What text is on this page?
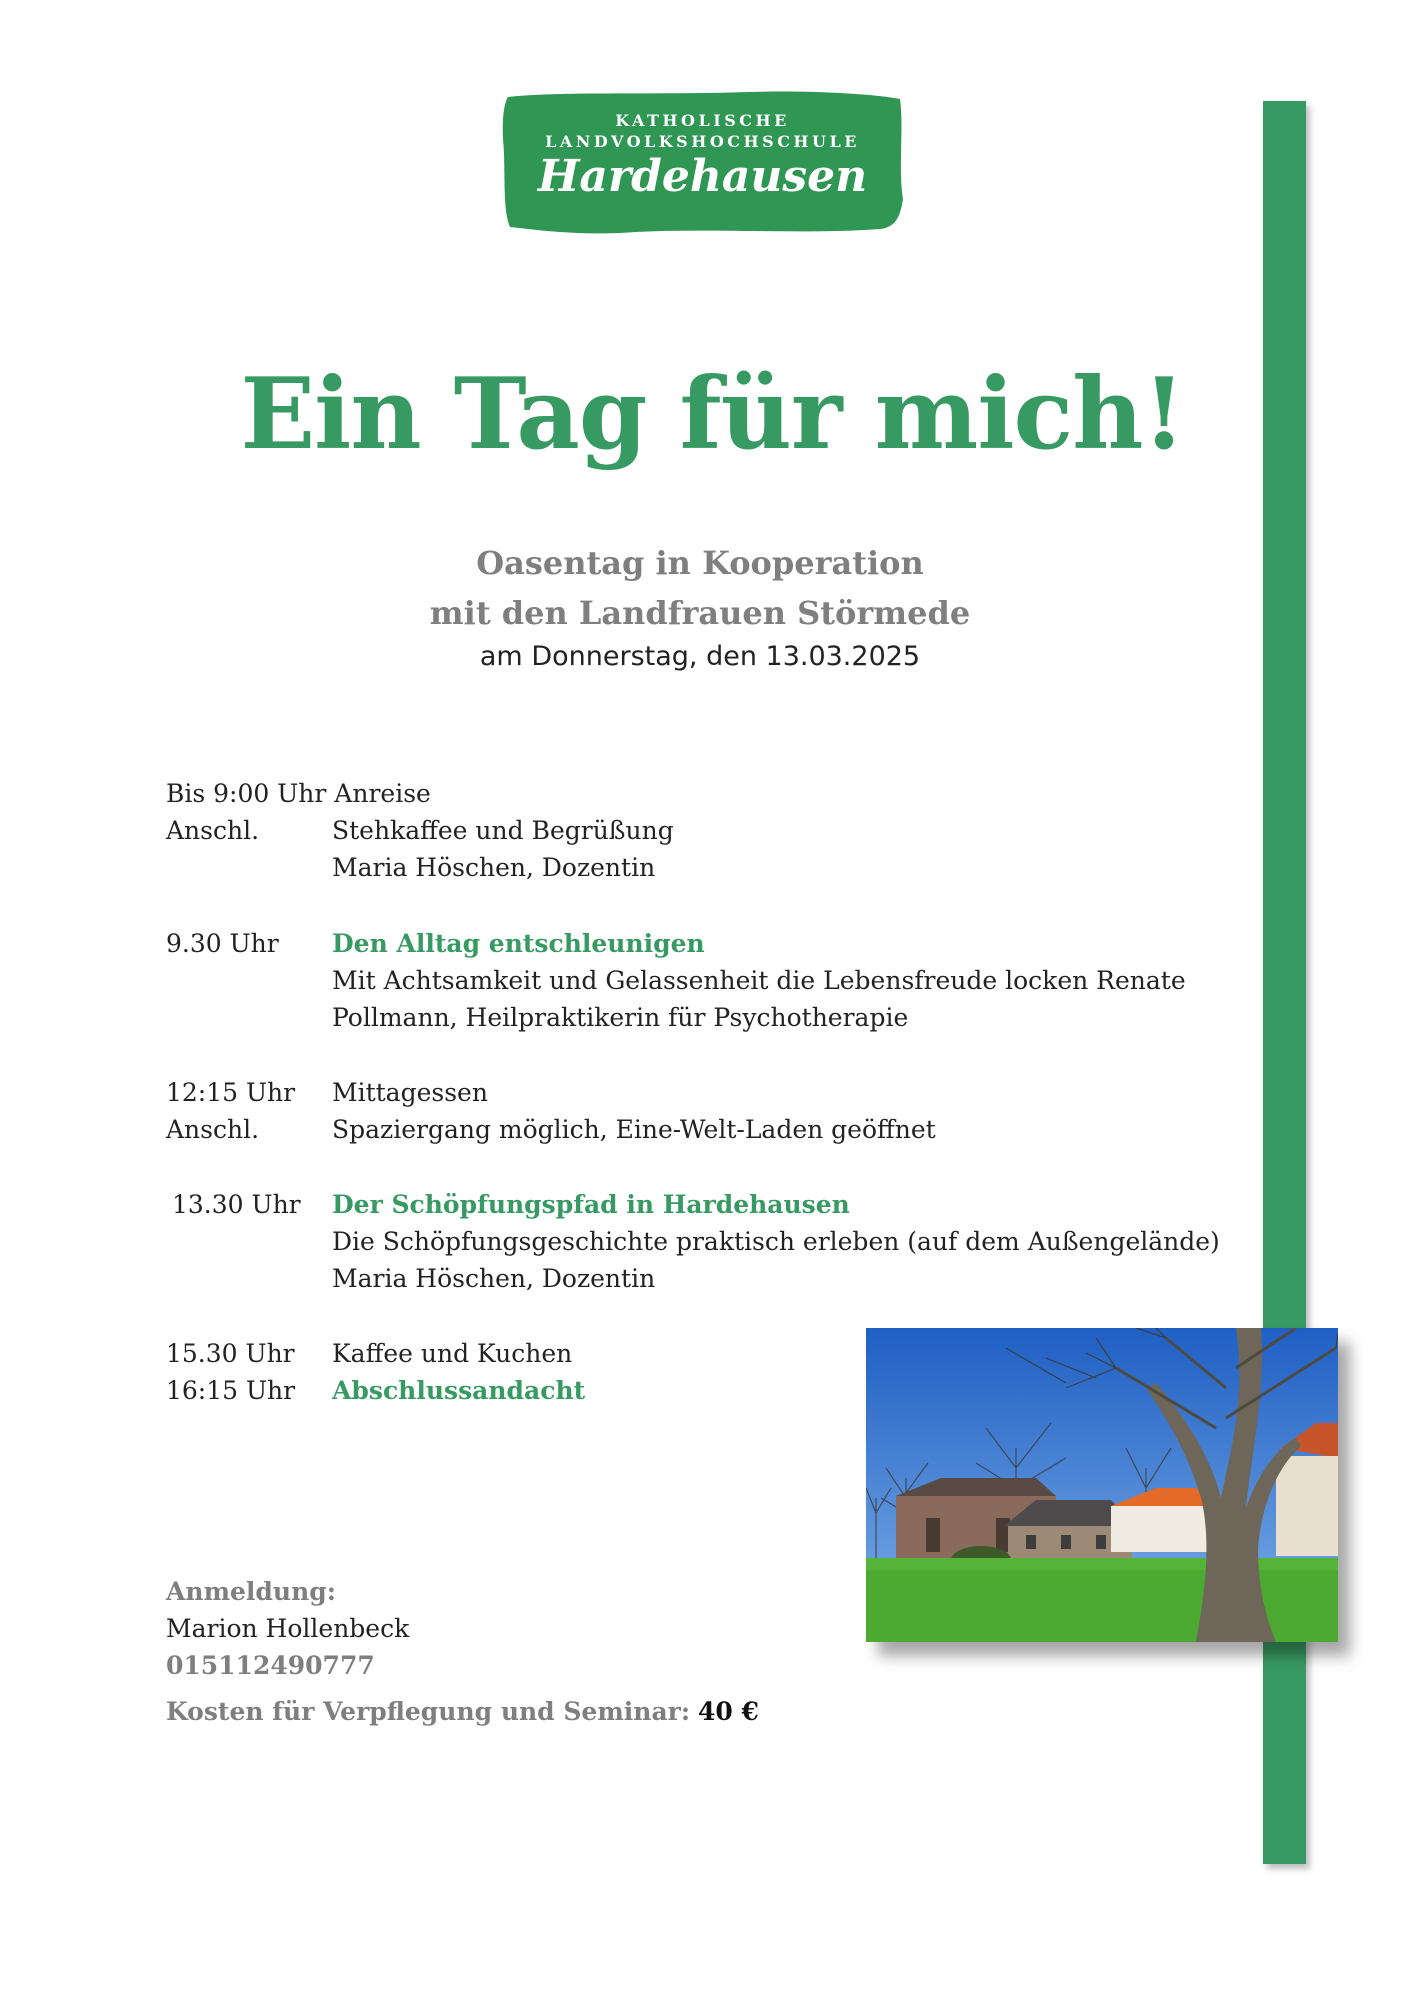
KATHOLISCHE
LANDVOLKSHOCHSCHULE
Hardehausen
Ein Tag für mich!
Oasentag in Kooperation
mit den Landfrauen Störmede
am Donnerstag, den 13.03.2025
Bis 9:00 Uhr Anreise
Anschl.	Stehkaffee und Begrüßung
Maria Höschen, Dozentin
9.30 Uhr Den Alltag entschleunigen
Mit Achtsamkeit und Gelassenheit die Lebensfreude locken Renate
Pollmann, Heilpraktikerin für Psychotherapie
12:15 Uhr Mittagessen
Anschl.	Spaziergang möglich, Eine-Welt-Laden geöffnet
13.30 Uhr Der Schöpfungspfad in Hardehausen
Die Schöpfungsgeschichte praktisch erleben (auf dem Außengelände)
Maria Höschen, Dozentin
15.30 Uhr Kaffee und Kuchen
16:15 Uhr Abschlussandacht
Anmeldung:
Marion Hollenbeck
015112490777
Kosten für Verpflegung und Seminar: 40 €
